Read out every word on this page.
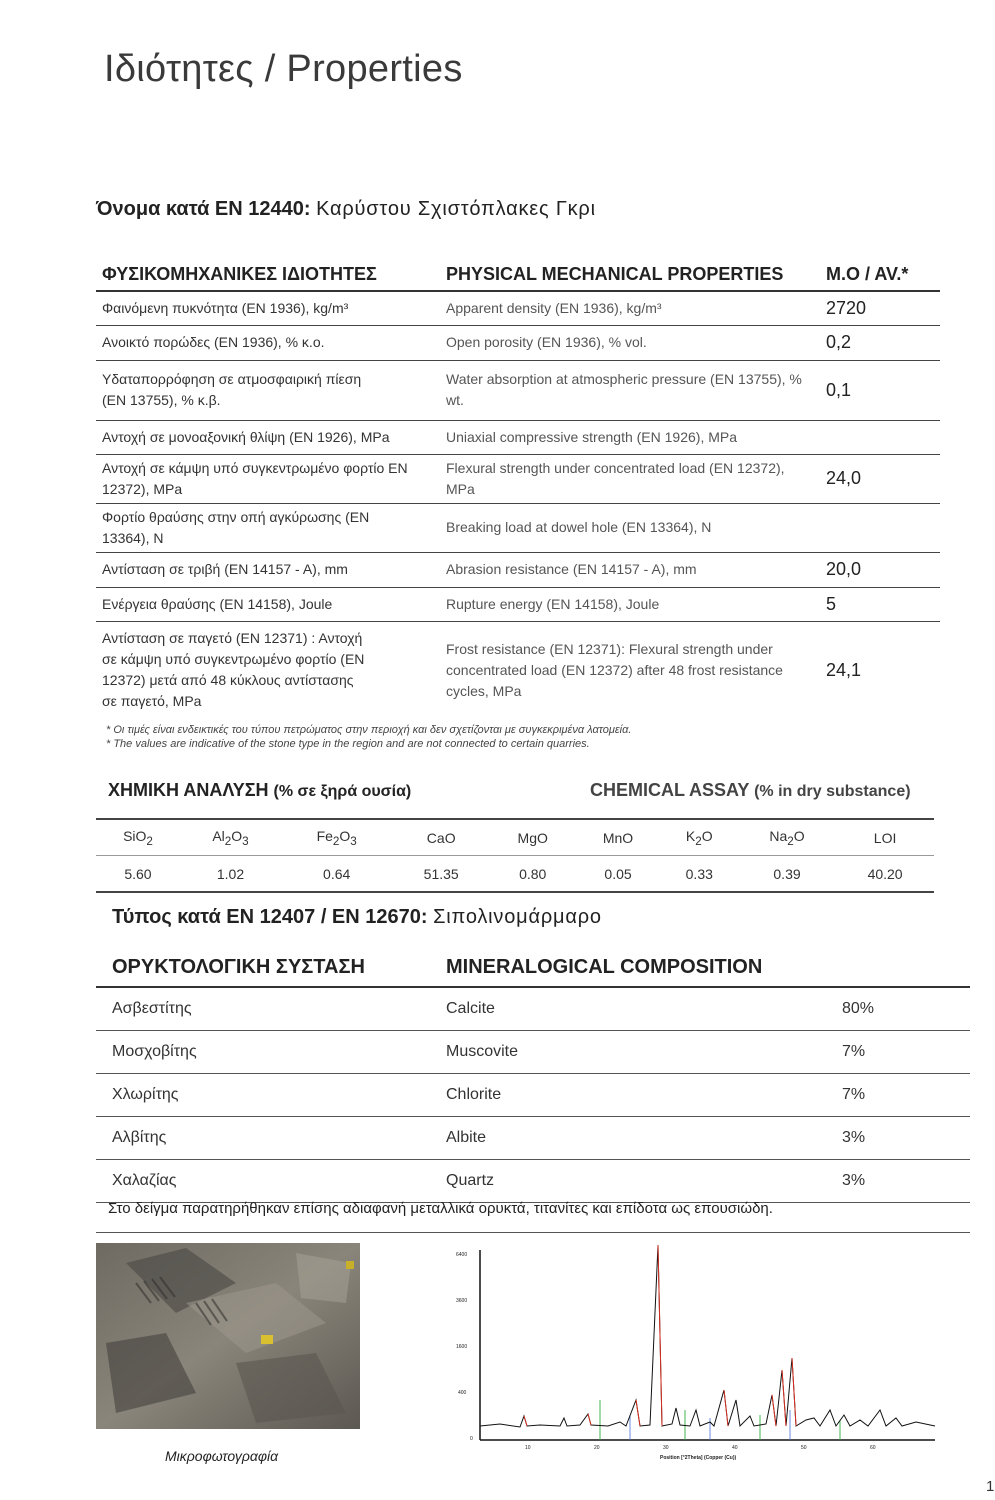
Ιδιότητες / Properties
Όνομα κατά EN 12440: Καρύστου Σχιστόπλακες Γκρι
ΦΥΣΙΚΟΜΗΧΑΝΙΚΕΣ ΙΔΙΟΤΗΤΕΣ	PHYSICAL MECHANICAL PROPERTIES	M.O / AV.*
Φαινόμενη πυκνότητα (EN 1936), kg/m³	Apparent density (EN 1936), kg/m³	2720
Ανοικτό πορώδες (EN 1936), % κ.ο.	Open porosity (EN 1936), % vol.	0,2
Υδαταπορρόφηση σε ατμοσφαιρική πίεση (EN 13755), % κ.β.	Water absorption at atmospheric pressure (EN 13755), % wt.	0,1
Αντοχή σε μονοαξονική θλίψη (EN 1926), MPa	Uniaxial compressive strength (EN 1926), MPa	
Αντοχή σε κάμψη υπό συγκεντρωμένο φορτίο EN 12372), MPa	Flexural strength under concentrated load (EN 12372), MPa	24,0
Φορτίο θραύσης στην οπή αγκύρωσης (EN 13364), N	Breaking load at dowel hole (EN 13364), N	
Αντίσταση σε τριβή (EN 14157 - A), mm	Abrasion resistance (EN 14157 - A), mm	20,0
Ενέργεια θραύσης (EN 14158), Joule	Rupture energy (EN 14158), Joule	5
Αντίσταση σε παγετό (EN 12371) : Αντοχή σε κάμψη υπό συγκεντρωμένο φορτίο (EN 12372) μετά από 48 κύκλους αντίστασης σε παγετό, MPa	Frost resistance (EN 12371): Flexural strength under concentrated load (EN 12372) after 48 frost resistance cycles, MPa	24,1
* Οι τιμές είναι ενδεικτικές του τύπου πετρώματος στην περιοχή και δεν σχετίζονται με συγκεκριμένα λατομεία.
* The values are indicative of the stone type in the region and are not connected to certain quarries.
ΧΗΜΙΚΗ ΑΝΑΛΥΣΗ (% σε ξηρά ουσία)	CHEMICAL ASSAY (% in dry substance)
SiO$_2$	$Al_2O_3$	$Fe_2O_3$	CaO	MgO	MnO	$K_2O$	$Na_2O$	LOI
5.60	1.02	0.64	51.35	0.80	0.05	0.33	0.39	40.20
Τύπος κατά EN 12407 / EN 12670: Σιπολινομάρμαρο
ΟΡΥΚΤΟΛΟΓΙΚΗ ΣΥΣΤΑΣΗ	MINERALOGICAL COMPOSITION	
Ασβεστίτης	Calcite	80%
Μοσχοβίτης	Muscovite	7%
Χλωρίτης	Chlorite	7%
Αλβίτης	Albite	3%
Χαλαζίας	Quartz	3%
Στο δείγμα παρατηρήθηκαν επίσης αδιαφανή μεταλλικά ορυκτά, τιτανίτες και επίδοτα ως επουσιώδη.
Μικροφωτογραφία
6400
3600
1600
400
0
10	20	30	40	50	60
Position [°2Theta] (Copper (Cu))
1
